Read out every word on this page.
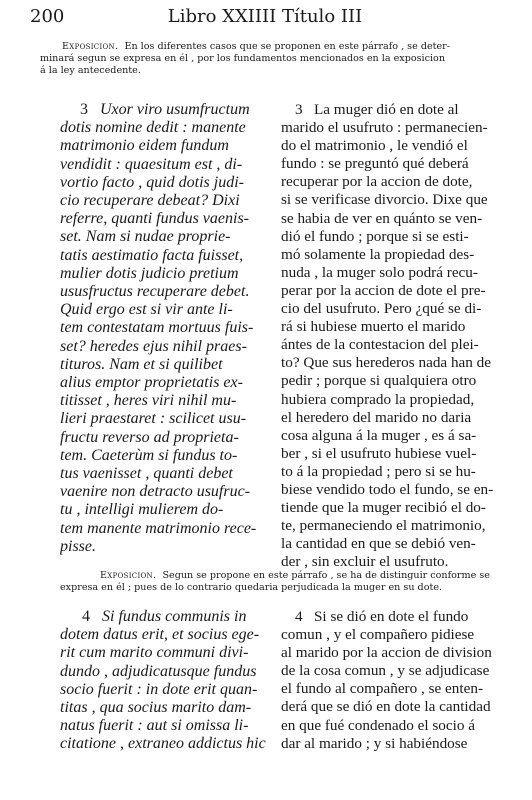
200	Libro XXIIII Título III
Exposicion. En los diferentes casos que se proponen en este párrafo , se deter-
minará segun se expresa en él , por los fundamentos mencionados en la exposicion
á la ley antecedente.
3 Uxor viro usumfructum
dotis nomine dedit : manente
matrimonio eidem fundum
vendidit : quaesitum est , di-
vortio facto , quid dotis judi-
cio recuperare debeat? Dixi
referre, quanti fundus vaenis-
set. Nam si nudae proprie-
tatis aestimatio facta fuisset,
mulier dotis judicio pretium
ususfructus recuperare debet.
Quid ergo est si vir ante li-
tem contestatam mortuus fuis-
set? heredes ejus nihil praes-
tituros. Nam et si quilibet
alius emptor proprietatis ex-
titisset , heres viri nihil mu-
lieri praestaret : scilicet usu-
fructu reverso ad proprieta-
tem. Caeterùm si fundus to-
tus vaenisset , quanti debet
vaenire non detracto usufruc-
tu , intelligi mulierem do-
tem manente matrimonio rece-
pisse.
3 La muger dió en dote al
marido el usufruto : permanecien-
do el matrimonio , le vendió el
fundo : se preguntó qué deberá
recuperar por la accion de dote,
si se verificase divorcio. Dixe que
se habia de ver en quánto se ven-
dió el fundo ; porque si se esti-
mó solamente la propiedad des-
nuda , la muger solo podrá recu-
perar por la accion de dote el pre-
cio del usufruto. Pero ¿qué se di-
rá si hubiese muerto el marido
ántes de la contestacion del plei-
to? Que sus herederos nada han de
pedir ; porque si qualquiera otro
hubiera comprado la propiedad,
el heredero del marido no daria
cosa alguna á la muger , es á sa-
ber , si el usufruto hubiese vuel-
to á la propiedad ; pero si se hu-
biese vendido todo el fundo, se en-
tiende que la muger recibió el do-
te, permaneciendo el matrimonio,
la cantidad en que se debió ven-
der , sin excluir el usufruto.
Exposicion. Segun se propone en este párrafo , se ha de distinguir conforme se
expresa en él ; pues de lo contrario quedaria perjudicada la muger en su dote.
4 Si fundus communis in
dotem datus erit, et socius ege-
rit cum marito communi divi-
dundo , adjudicatusque fundus
socio fuerit : in dote erit quan-
titas , qua socius marito dam-
natus fuerit : aut si omissa li-
citatione , extraneo addictus hic
4 Si se dió en dote el fundo
comun , y el compañero pidiese
al marido por la accion de division
de la cosa comun , y se adjudicase
el fundo al compañero , se enten-
derá que se dió en dote la cantidad
en que fué condenado el socio á
dar al marido ; y si habiéndose
